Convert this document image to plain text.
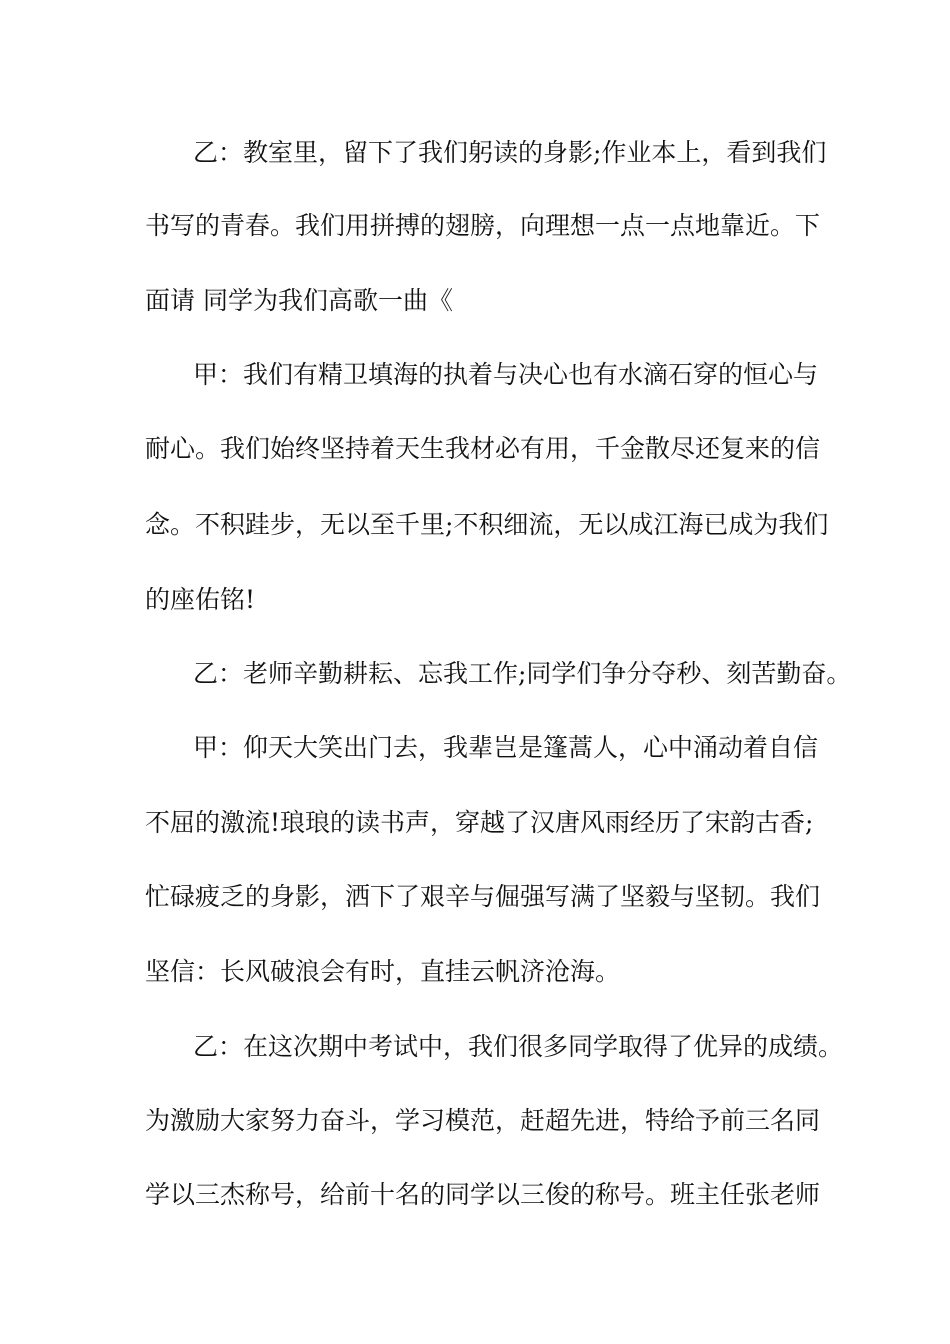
乙：教室里，留下了我们躬读的身影;作业本上，看到我们
书写的青春。我们用拼搏的翅膀，向理想一点一点地靠近。下
面请 同学为我们高歌一曲《
甲：我们有精卫填海的执着与决心也有水滴石穿的恒心与
耐心。我们始终坚持着天生我材必有用，千金散尽还复来的信
念。不积跬步，无以至千里;不积细流，无以成江海已成为我们
的座佑铭!
乙：老师辛勤耕耘、忘我工作;同学们争分夺秒、刻苦勤奋。
甲：仰天大笑出门去，我辈岂是篷蒿人，心中涌动着自信
不屈的激流!琅琅的读书声，穿越了汉唐风雨经历了宋韵古香;
忙碌疲乏的身影，洒下了艰辛与倔强写满了坚毅与坚韧。我们
坚信：长风破浪会有时，直挂云帆济沧海。
乙：在这次期中考试中，我们很多同学取得了优异的成绩。
为激励大家努力奋斗，学习模范，赶超先进，特给予前三名同
学以三杰称号，给前十名的同学以三俊的称号。班主任张老师
